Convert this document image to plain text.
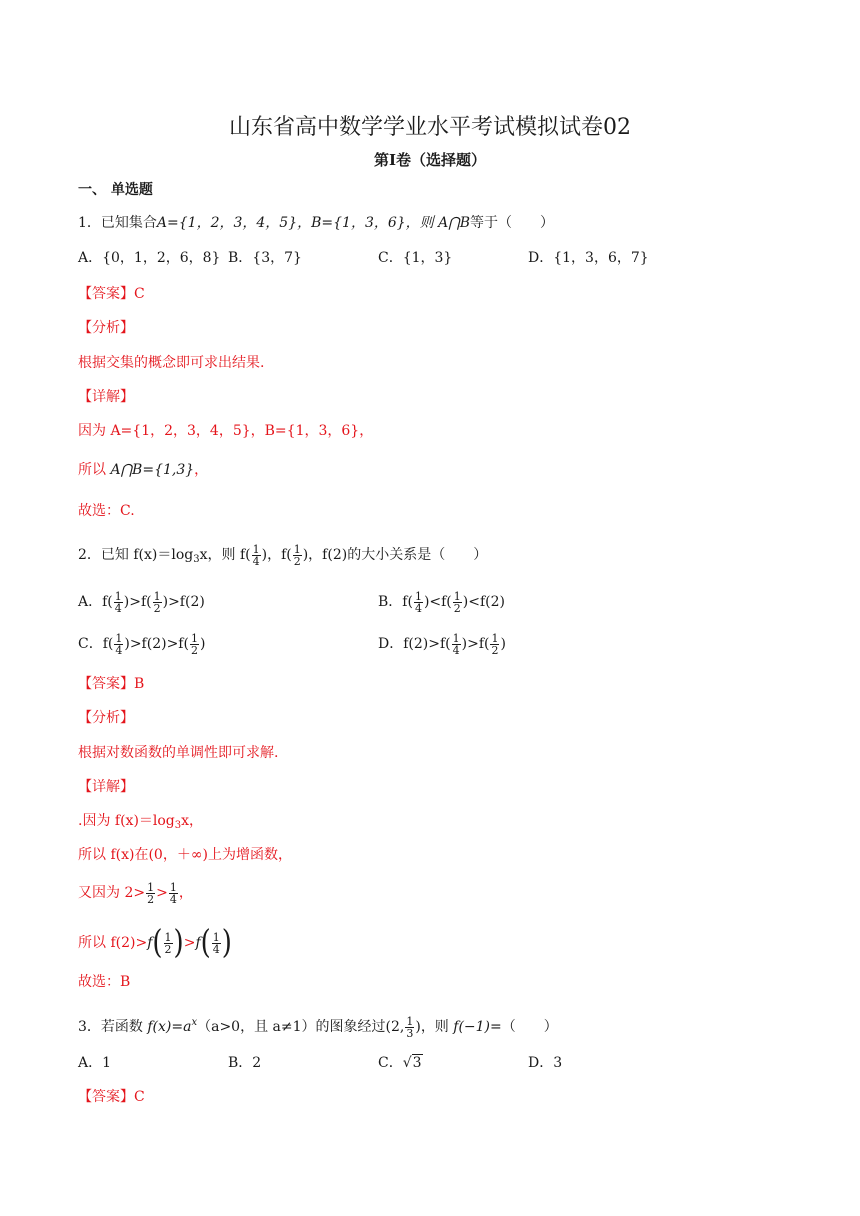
山东省高中数学学业水平考试模拟试卷02
第Ⅰ卷（选择题）
一、 单选题
1．已知集合A={1，2，3，4，5}，B={1，3，6}，则 A⋂B等于（　　）
A．{0，1，2，6，8} B．{3，7}	C．{1，3}	D．{1，3，6，7}
【答案】C
【分析】
根据交集的概念即可求出结果.
【详解】
因为 A={1，2，3，4，5}，B={1，3，6}，
所以 A⋂B={1,3}，
故选：C.
2．已知 $f(x)=\log_3x$，则 $f( \frac{1}{4}$ )，$f( \frac{1}{2}$ )，f(2)的大小关系是（　　）
A．$f( \frac{1}{4} )>f( \frac{1}{2} )>f(2)$	B．$f( \frac{1}{4} )<f( \frac{1}{2} )<f(2)$
C．$f( \frac{1}{4} )>f(2)>f( \frac{1}{2}$ )	D．$f(2)>f( \frac{1}{4} )>f( \frac{1}{2}$ )
【答案】B
【分析】
根据对数函数的单调性即可求解.
【详解】
.因为 $f(x)=\log_3x$，
所以 f(x)在(0，＋∞)上为增函数，
又因为 $2> \frac{1}{2} > \frac{1}{4}$ ，
所以 $f(2)>f( \frac{1}{2} )>f( \frac{1}{4}$ )
故选：B
3．若函数 $f(x)=a^x(a>0$，且 a≠1）的图象经过(2, $\frac{1}{3}$ )，则 f(−1)=（　　）
A．1	B．2	C．√3	D．3
【答案】C
